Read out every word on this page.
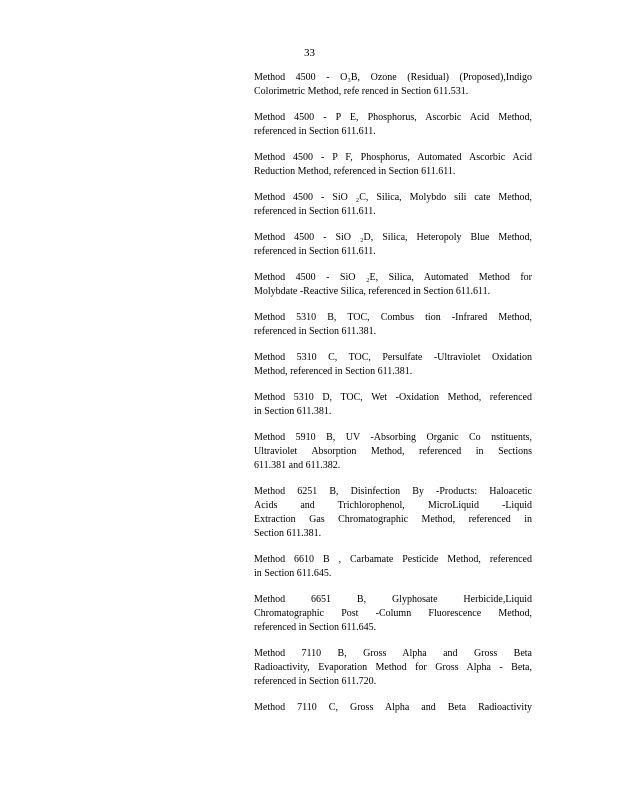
33
Method 4500 - O₃B, Ozone (Residual) (Proposed),Indigo
Colorimetric Method, refe renced in Section 611.531.
Method 4500 - P E, Phosphorus, Ascorbic Acid Method,
referenced in Section 611.611.
Method 4500 - P F, Phosphorus, Automated Ascorbic Acid
Reduction Method, referenced in Section 611.611.
Method 4500 - SiO ₂C, Silica, Molybdo sili cate Method,
referenced in Section 611.611.
Method 4500 - SiO ₂D, Silica, Heteropoly Blue Method,
referenced in Section 611.611.
Method 4500 - SiO ₂E, Silica, Automated Method for
Molybdate -Reactive Silica, referenced in Section 611.611.
Method 5310 B, TOC, Combus tion -Infrared Method,
referenced in Section 611.381.
Method 5310 C, TOC, Persulfate -Ultraviolet Oxidation
Method, referenced in Section 611.381.
Method 5310 D, TOC, Wet -Oxidation Method, referenced
in Section 611.381.
Method 5910 B, UV -Absorbing Organic Co nstituents,
Ultraviolet Absorption Method, referenced in Sections
611.381 and 611.382.
Method 6251 B, Disinfection By -Products: Haloacetic
Acids and Trichlorophenol, MicroLiquid -Liquid
Extraction Gas Chromatographic Method, referenced in
Section 611.381.
Method 6610 B , Carbamate Pesticide Method, referenced
in Section 611.645.
Method 6651 B, Glyphosate Herbicide,Liquid
Chromatographic Post -Column Fluorescence Method,
referenced in Section 611.645.
Method 7110 B, Gross Alpha and Gross Beta
Radioactivity, Evaporation Method for Gross Alpha - Beta,
referenced in Section 611.720.
Method 7110 C, Gross Alpha and Beta Radioactivity
